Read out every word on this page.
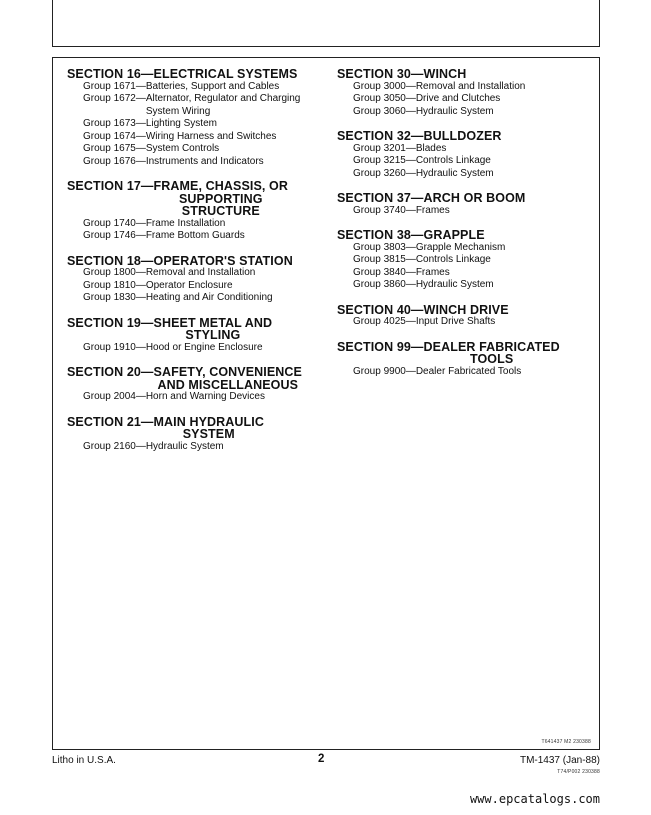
SECTION 16— ELECTRICAL SYSTEMS
Group 1671— Batteries, Support and Cables
Group 1672— Alternator, Regulator and Charging
System Wiring
Group 1673— Lighting System
Group 1674— Wiring Harness and Switches
Group 1675— System Controls
Group 1676— Instruments and Indicators
SECTION 17— FRAME, CHASSIS, OR
SUPPORTING
STRUCTURE
Group 1740— Frame Installation
Group 1746— Frame Bottom Guards
SECTION 18— OPERATOR'S STATION
Group 1800— Removal and Installation
Group 1810— Operator Enclosure
Group 1830— Heating and Air Conditioning
SECTION 19— SHEET METAL AND
STYLING
Group 1910— Hood or Engine Enclosure
SECTION 20— SAFETY, CONVENIENCE
AND MISCELLANEOUS
Group 2004— Horn and Warning Devices
SECTION 21— MAIN HYDRAULIC
SYSTEM
Group 2160— Hydraulic System
SECTION 30— WINCH
Group 3000— Removal and Installation
Group 3050— Drive and Clutches
Group 3060— Hydraulic System
SECTION 32— BULLDOZER
Group 3201— Blades
Group 3215— Controls Linkage
Group 3260— Hydraulic System
SECTION 37— ARCH OR BOOM
Group 3740— Frames
SECTION 38— GRAPPLE
Group 3803— Grapple Mechanism
Group 3815— Controls Linkage
Group 3840— Frames
Group 3860— Hydraulic System
SECTION 40— WINCH DRIVE
Group 4025— Input Drive Shafts
SECTION 99— DEALER FABRICATED
TOOLS
Group 9900— Dealer Fabricated Tools
T641437 M2 230388
Litho in U.S.A.	2	TM-1437 (Jan-88)
T74/P002 230388
www.epcatalogs.com
